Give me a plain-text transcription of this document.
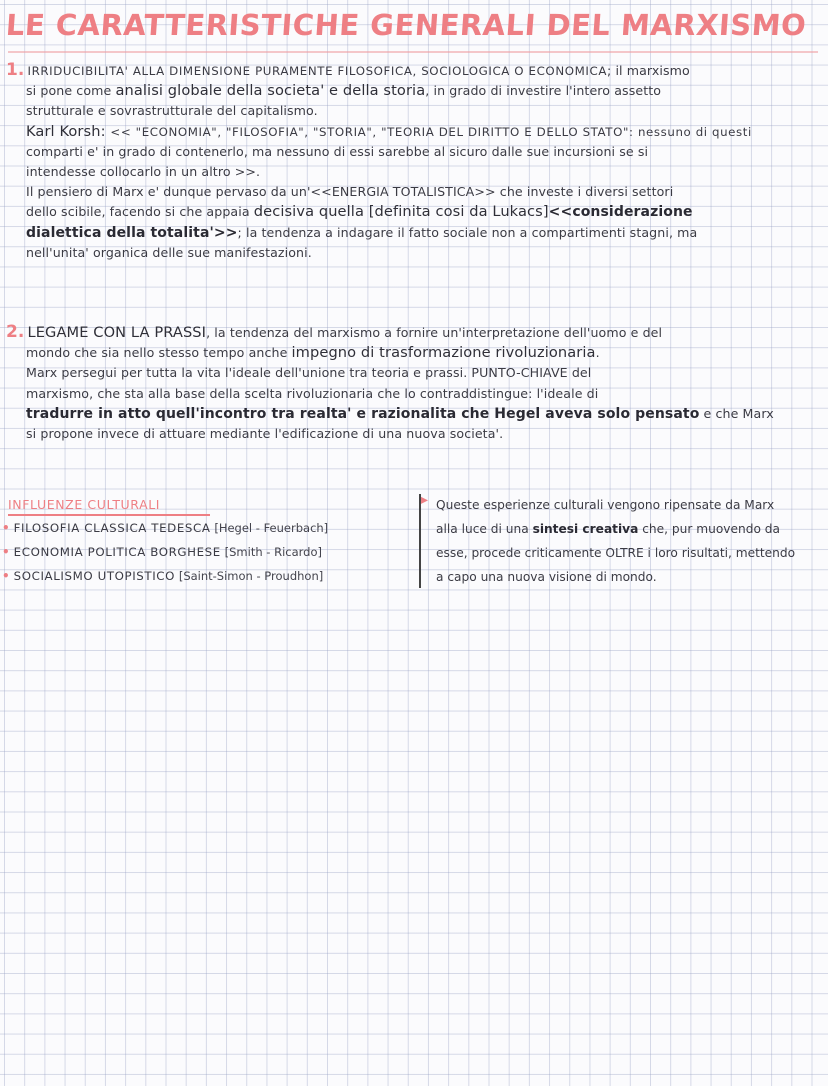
LE CARATTERISTICHE GENERALI DEL MARXISMO
1. IRRIDUCIBILITA' ALLA DIMENSIONE PURAMENTE FILOSOFICA, SOCIOLOGICA O ECONOMICA; il marxismo
si pone come analisi globale della societa' e della storia, in grado di investire l'intero assetto
strutturale e sovrastrutturale del capitalismo.
Karl Korsh: << "ECONOMIA", "FILOSOFIA", "STORIA", "TEORIA DEL DIRITTO E DELLO STATO": nessuno di questi
comparti e' in grado di contenerlo, ma nessuno di essi sarebbe al sicuro dalle sue incursioni se si
intendesse collocarlo in un altro >>.
Il pensiero di Marx e' dunque pervaso da un'<<ENERGIA TOTALISTICA>> che investe i diversi settori
dello scibile, facendo si che appaia decisiva quella [definita cosi da Lukacs]<<considerazione
dialettica della totalita'>>; la tendenza a indagare il fatto sociale non a compartimenti stagni, ma
nell'unita' organica delle sue manifestazioni.
2. LEGAME CON LA PRASSI, la tendenza del marxismo a fornire un'interpretazione dell'uomo e del
mondo che sia nello stesso tempo anche impegno di trasformazione rivoluzionaria.
Marx persegui per tutta la vita l'ideale dell'unione tra teoria e prassi. PUNTO-CHIAVE del
marxismo, che sta alla base della scelta rivoluzionaria che lo contraddistingue: l'ideale di
tradurre in atto quell'incontro tra realta' e razionalita che Hegel aveva solo pensato e che Marx
si propone invece di attuare mediante l'edificazione di una nuova societa'.
INFLUENZE CULTURALI
• FILOSOFIA CLASSICA TEDESCA [Hegel - Feuerbach]
• ECONOMIA POLITICA BORGHESE [Smith - Ricardo]
• SOCIALISMO UTOPISTICO [Saint-Simon - Proudhon]
▸ Queste esperienze culturali vengono ripensate da Marx
alla luce di una sintesi creativa che, pur muovendo da
esse, procede criticamente OLTRE i loro risultati, mettendo
a capo una nuova visione di mondo.
